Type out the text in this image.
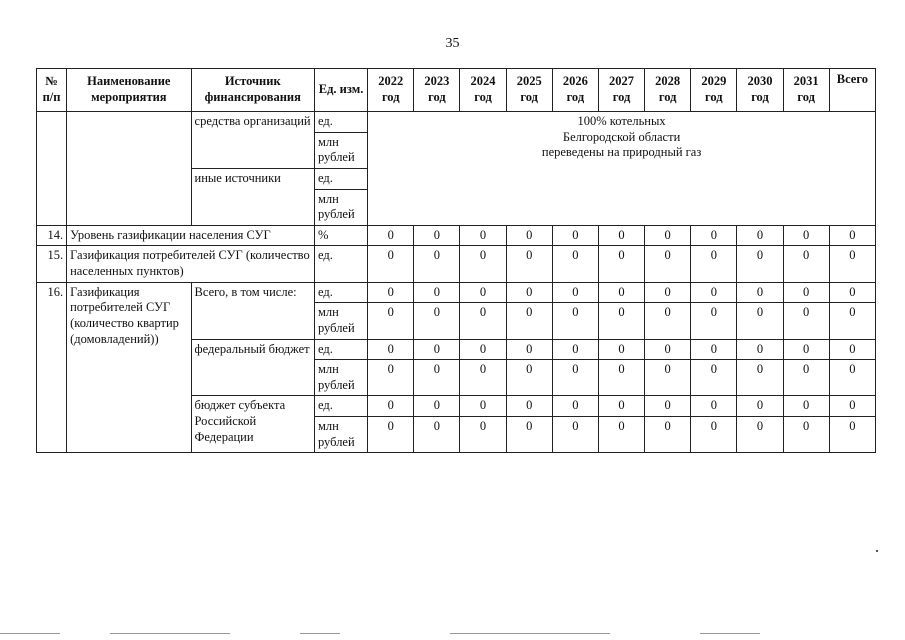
35
№ п/п	Наименование мероприятия	Источник финансирования	Ед. изм.	2022 год	2023 год	2024 год	2025 год	2026 год	2027 год	2028 год	2029 год	2030 год	2031 год	Всего
		средства организаций	ед.	100% котельных
Белгородской области
переведены на природный газ										

			млн рублей											
		иные источники	ед.											
			млн рублей											
14.	Уровень газификации населения СУГ		%	0	0	0	0	0	0	0	0	0	0	0
15.	Газификация потребителей СУГ (количество населенных пунктов)		ед.	0	0	0	0	0	0	0	0	0	0	0
16.	Газификация потребителей СУГ (количество квартир (домовладений))	Всего, в том числе:	ед.	0	0	0	0	0	0	0	0	0	0	0
			млн рублей	0	0	0	0	0	0	0	0	0	0	0
		федеральный бюджет	ед.	0	0	0	0	0	0	0	0	0	0	0
			млн рублей	0	0	0	0	0	0	0	0	0	0	0
		бюджет субъекта Российской Федерации	ед.	0	0	0	0	0	0	0	0	0	0	0
			млн рублей	0	0	0	0	0	0	0	0	0	0	0
